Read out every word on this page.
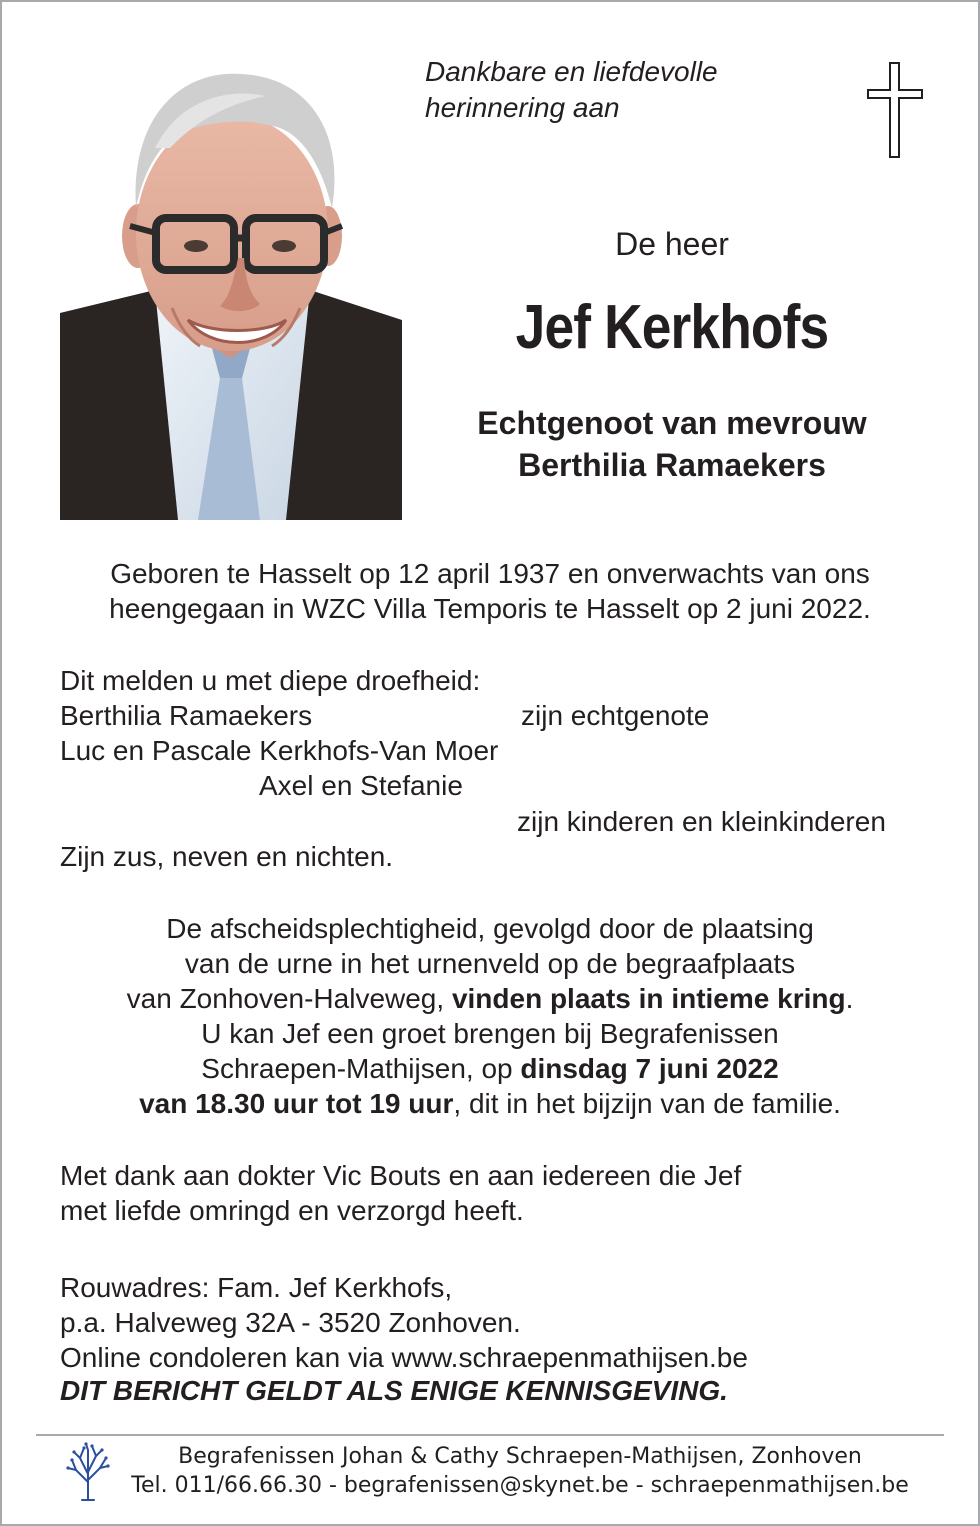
Dankbare en liefdevolle
herinnering aan
De heer
Jef Kerkhofs
Echtgenoot van mevrouw
Berthilia Ramaekers
Geboren te Hasselt op 12 april 1937 en onverwachts van ons
heengegaan in WZC Villa Temporis te Hasselt op 2 juni 2022.
Dit melden u met diepe droefheid:
Berthilia Ramaekers	zijn echtgenote
Luc en Pascale Kerkhofs-Van Moer
Axel en Stefanie
zijn kinderen en kleinkinderen
Zijn zus, neven en nichten.
De afscheidsplechtigheid, gevolgd door de plaatsing
van de urne in het urnenveld op de begraafplaats
van Zonhoven-Halveweg, vinden plaats in intieme kring.
U kan Jef een groet brengen bij Begrafenissen
Schraepen-Mathijsen, op dinsdag 7 juni 2022
van 18.30 uur tot 19 uur, dit in het bijzijn van de familie.
Met dank aan dokter Vic Bouts en aan iedereen die Jef
met liefde omringd en verzorgd heeft.
Rouwadres: Fam. Jef Kerkhofs,
p.a. Halveweg 32A - 3520 Zonhoven.
Online condoleren kan via www.schraepenmathijsen.be
DIT BERICHT GELDT ALS ENIGE KENNISGEVING.
Begrafenissen Johan & Cathy Schraepen-Mathijsen, Zonhoven
Tel. 011/66.66.30 - begrafenissen@skynet.be - schraepenmathijsen.be
